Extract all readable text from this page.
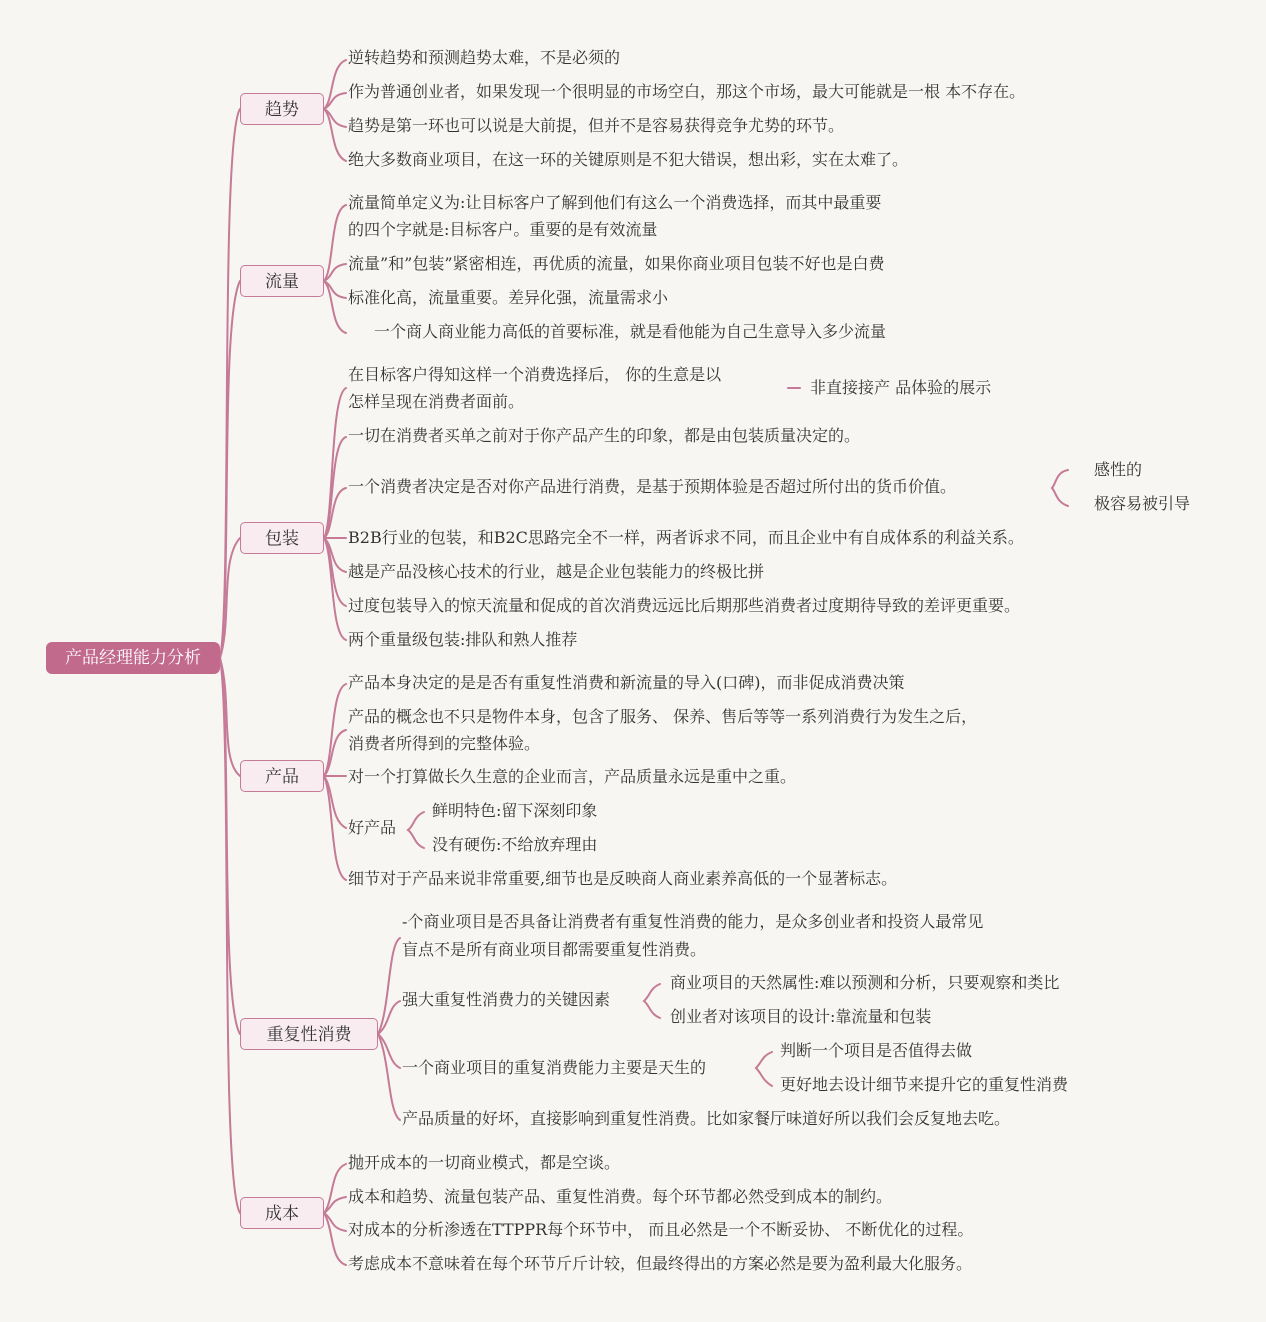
产品经理能力分析
趋势
流量
包装
产品
重复性消费
成本
逆转趋势和预测趋势太难，不是必须的
作为普通创业者，如果发现一个很明显的市场空白，那这个市场，最大可能就是一根 本不存在。
趋势是第一环也可以说是大前提，但并不是容易获得竞争尤势的环节。
绝大多数商业项目，在这一环的关键原则是不犯大错误，想出彩，实在太难了。
流量简单定义为:让目标客户了解到他们有这么一个消费选择，而其中最重要
的四个字就是:目标客户。重要的是有效流量
流量”和”包装”紧密相连，再优质的流量，如果你商业项目包装不好也是白费
标准化高，流量重要。差异化强，流量需求小
一个商人商业能力高低的首要标准，就是看他能为自己生意导入多少流量
在目标客户得知这样一个消费选择后， 你的生意是以
怎样呈现在消费者面前。
非直接接产 品体验的展示
一切在消费者买单之前对于你产品产生的印象，都是由包装质量决定的。
一个消费者决定是否对你产品进行消费，是基于预期体验是否超过所付出的货币价值。
感性的
极容易被引导
B2B行业的包装，和B2C思路完全不一样，两者诉求不同，而且企业中有自成体系的利益关系。
越是产品没核心技术的行业，越是企业包装能力的终极比拼
过度包装导入的惊天流量和促成的首次消费远远比后期那些消费者过度期待导致的差评更重要。
两个重量级包装:排队和熟人推荐
产品本身决定的是是否有重复性消费和新流量的导入(口碑)，而非促成消费决策
产品的概念也不只是物件本身，包含了服务、 保养、售后等等一系列消费行为发生之后，
消费者所得到的完整体验。
对一个打算做长久生意的企业而言，产品质量永远是重中之重。
好产品
鲜明特色:留下深刻印象
没有硬伤:不给放弃理由
细节对于产品来说非常重要,细节也是反映商人商业素养高低的一个显著标志。
-个商业项目是否具备让消费者有重复性消费的能力，是众多创业者和投资人最常见
盲点不是所有商业项目都需要重复性消费。
强大重复性消费力的关键因素
商业项目的天然属性:难以预测和分析，只要观察和类比
创业者对该项目的设计:靠流量和包装
一个商业项目的重复消费能力主要是天生的
判断一个项目是否值得去做
更好地去设计细节来提升它的重复性消费
产品质量的好坏，直接影响到重复性消费。比如家餐厅味道好所以我们会反复地去吃。
抛开成本的一切商业模式，都是空谈。
成本和趋势、流量包装产品、重复性消费。每个环节都必然受到成本的制约。
对成本的分析渗透在TTPPR每个环节中， 而且必然是一个不断妥协、 不断优化的过程。
考虑成本不意味着在每个环节斤斤计较，但最终得出的方案必然是要为盈利最大化服务。
